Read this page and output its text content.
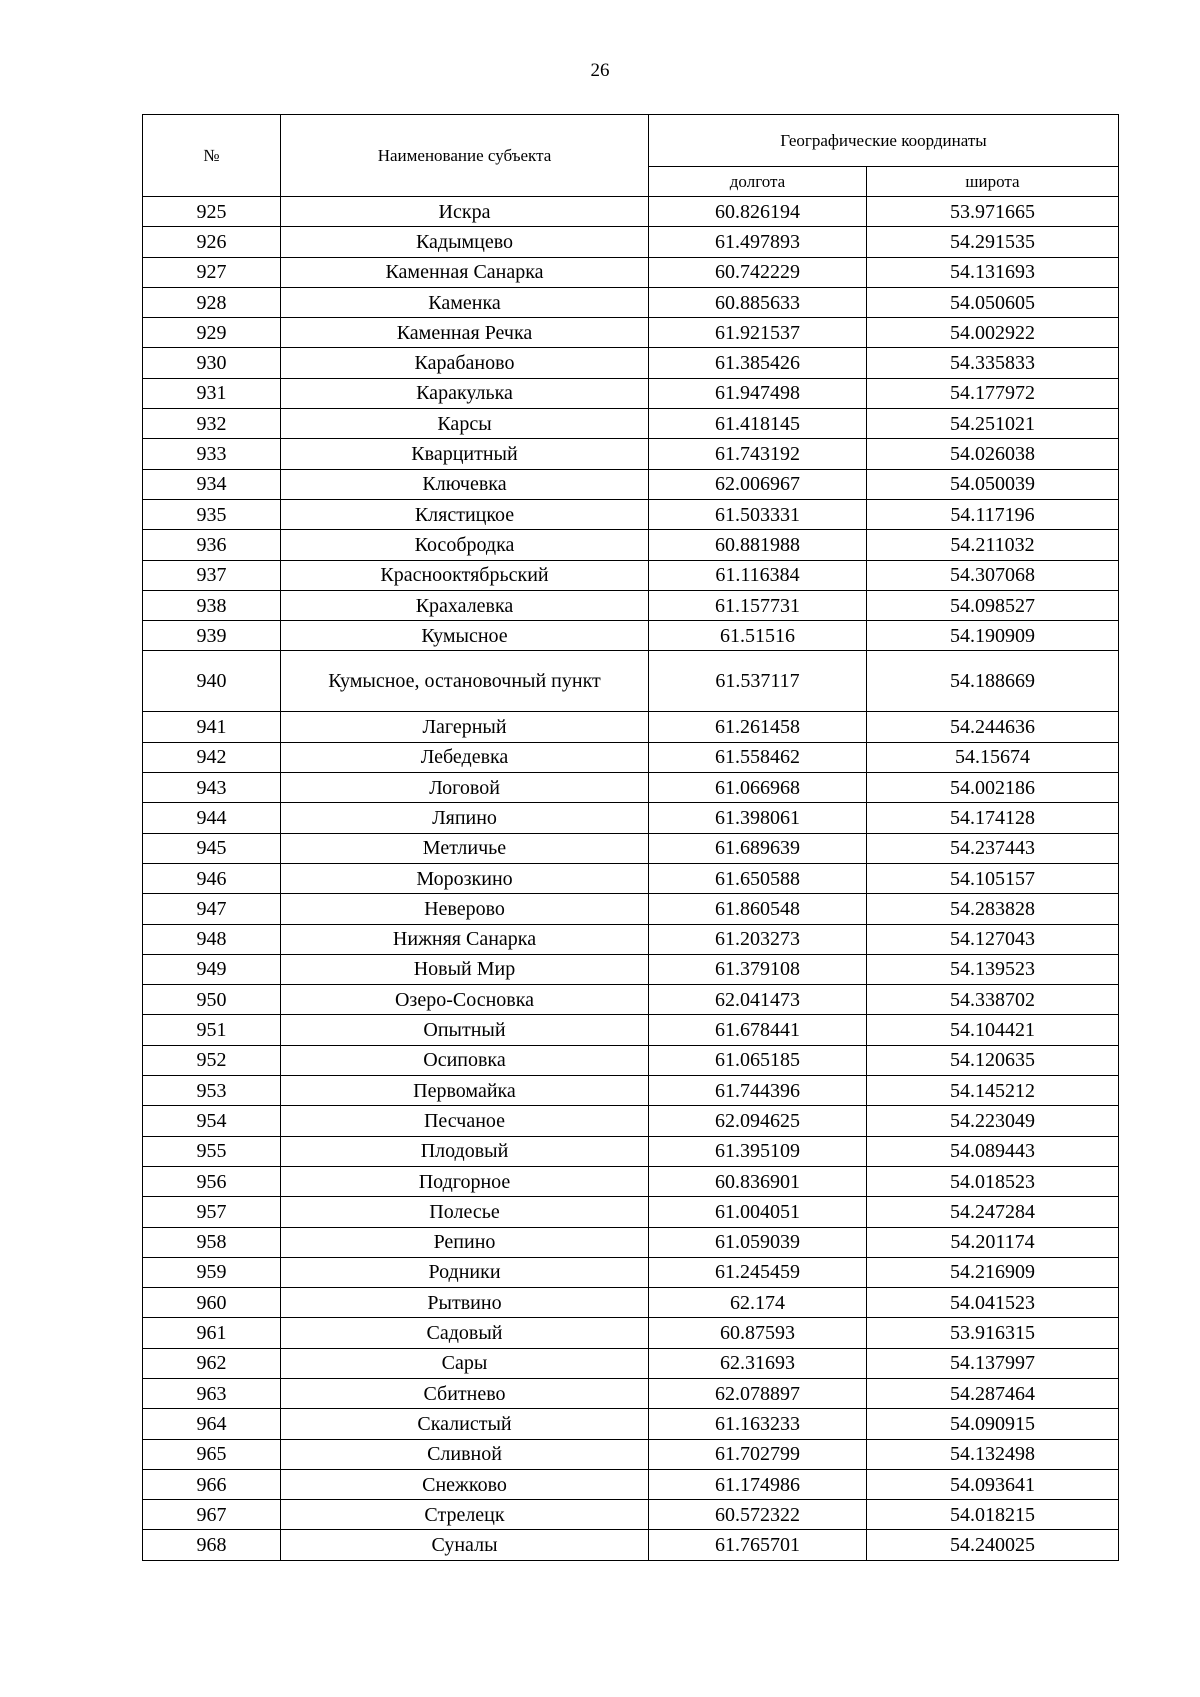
26
№	Наименование субъекта	Географические координаты	
		долгота	широта
925	Искра	60.826194	53.971665
926	Кадымцево	61.497893	54.291535
927	Каменная Санарка	60.742229	54.131693
928	Каменка	60.885633	54.050605
929	Каменная Речка	61.921537	54.002922
930	Карабаново	61.385426	54.335833
931	Каракулька	61.947498	54.177972
932	Карсы	61.418145	54.251021
933	Кварцитный	61.743192	54.026038
934	Ключевка	62.006967	54.050039
935	Клястицкое	61.503331	54.117196
936	Кособродка	60.881988	54.211032
937	Краснооктябрьский	61.116384	54.307068
938	Крахалевка	61.157731	54.098527
939	Кумысное	61.51516	54.190909
940	Кумысное, остановочный пункт	61.537117	54.188669
941	Лагерный	61.261458	54.244636
942	Лебедевка	61.558462	54.15674
943	Логовой	61.066968	54.002186
944	Ляпино	61.398061	54.174128
945	Метличье	61.689639	54.237443
946	Морозкино	61.650588	54.105157
947	Неверово	61.860548	54.283828
948	Нижняя Санарка	61.203273	54.127043
949	Новый Мир	61.379108	54.139523
950	Озеро-Сосновка	62.041473	54.338702
951	Опытный	61.678441	54.104421
952	Осиповка	61.065185	54.120635
953	Первомайка	61.744396	54.145212
954	Песчаное	62.094625	54.223049
955	Плодовый	61.395109	54.089443
956	Подгорное	60.836901	54.018523
957	Полесье	61.004051	54.247284
958	Репино	61.059039	54.201174
959	Родники	61.245459	54.216909
960	Рытвино	62.174	54.041523
961	Садовый	60.87593	53.916315
962	Сары	62.31693	54.137997
963	Сбитнево	62.078897	54.287464
964	Скалистый	61.163233	54.090915
965	Сливной	61.702799	54.132498
966	Снежково	61.174986	54.093641
967	Стрелецк	60.572322	54.018215
968	Суналы	61.765701	54.240025
